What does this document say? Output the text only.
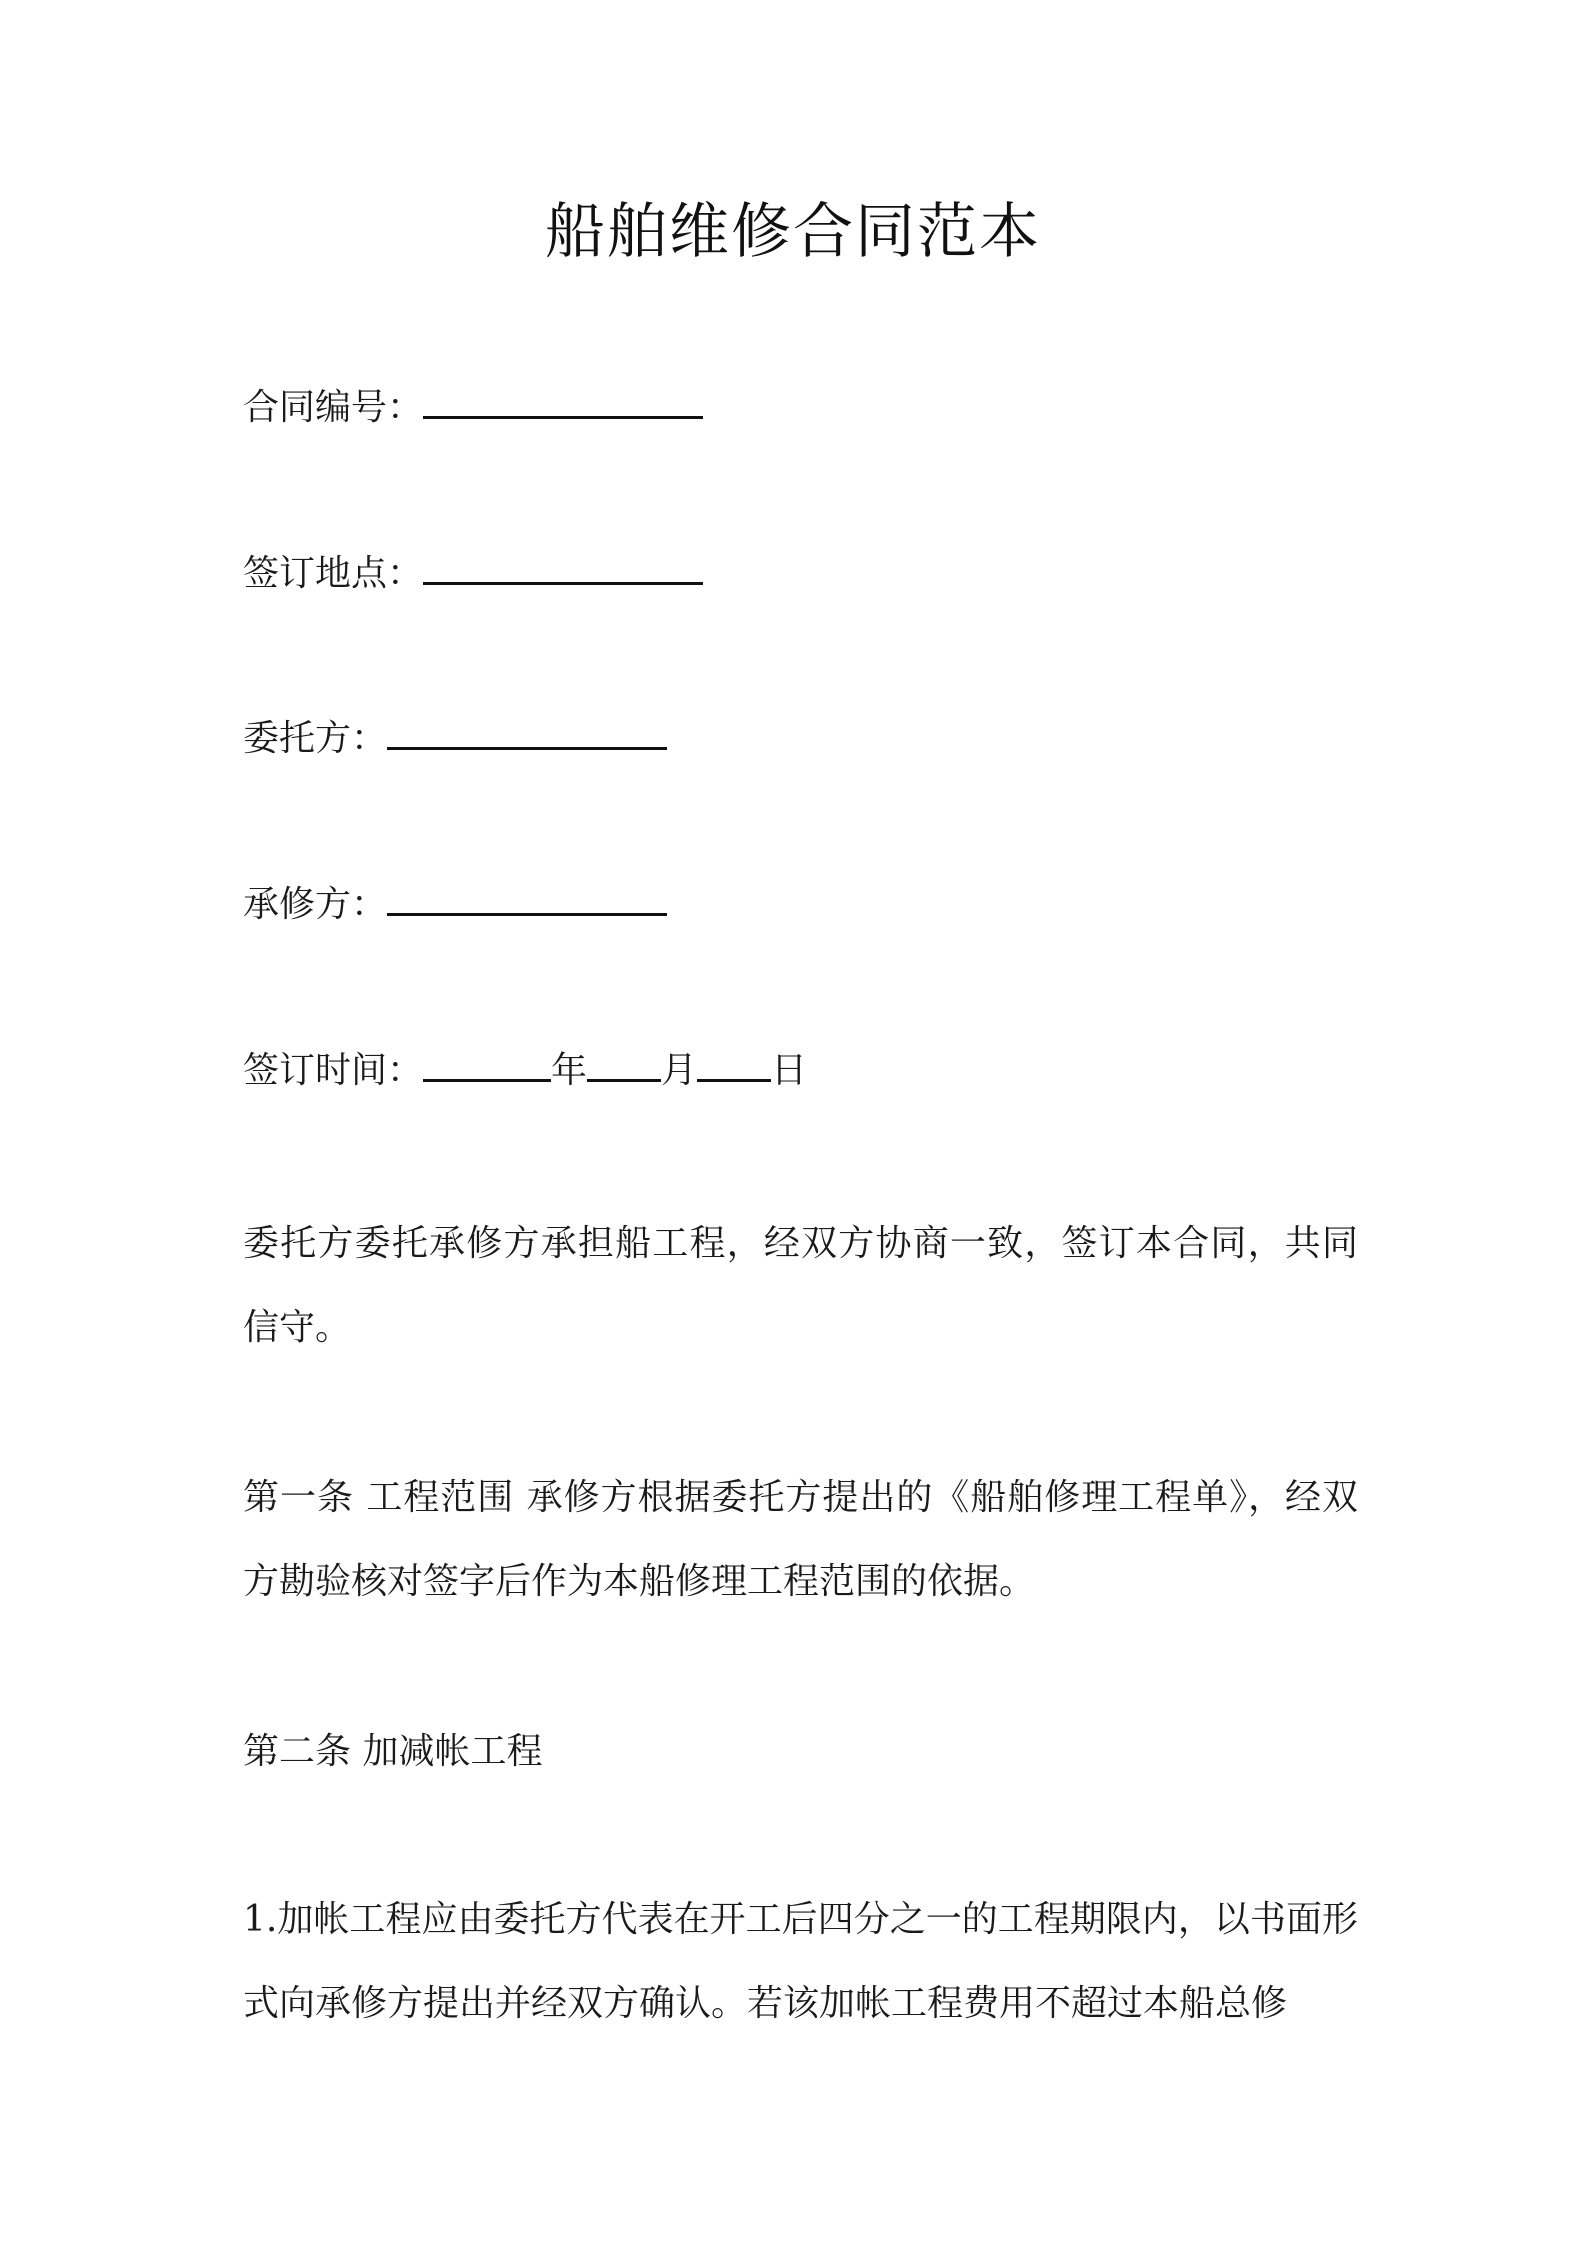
船舶维修合同范本
合同编号：
签订地点：
委托方：
承修方：
签订时间：	年 月 日
委托方委托承修方承担船工程，经双方协商一致，签订本合同，共同信守。
第一条 工程范围 承修方根据委托方提出的《船舶修理工程单》，经双方勘验核对签字后作为本船修理工程范围的依据。
第二条 加减帐工程
1.加帐工程应由委托方代表在开工后四分之一的工程期限内，以书面形式向承修方提出并经双方确认。若该加帐工程费用不超过本船总修
